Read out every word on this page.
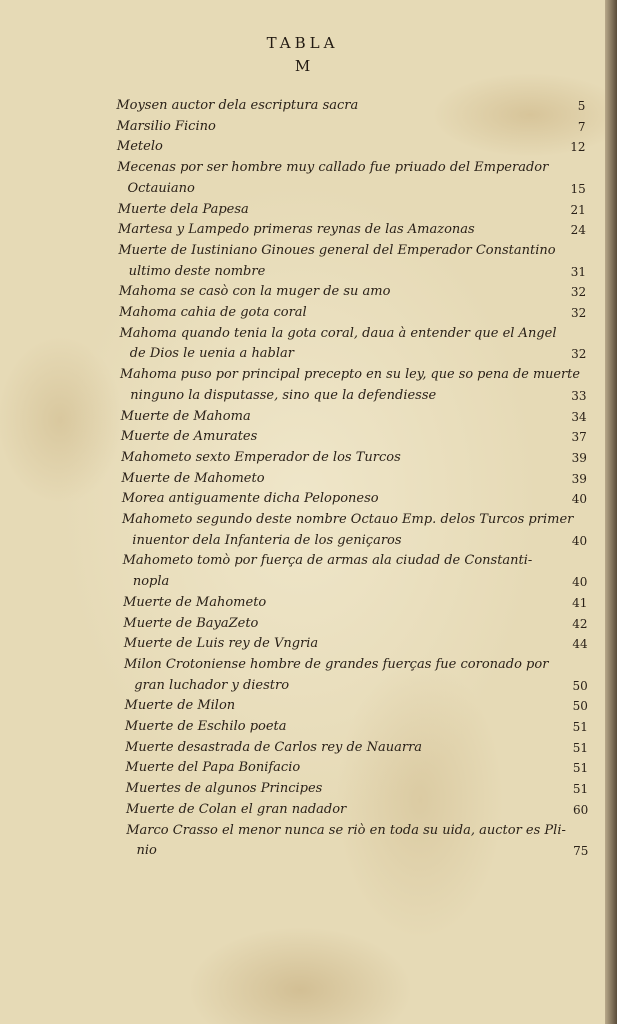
TABLA
M
Moysen auctor dela escriptura sacra	5
Marsilio Ficino	7
Metelo	12
Mecenas por ser hombre muy callado fue priuado del Emperador
Octauiano	15
Muerte dela Papesa	21
Martesa y Lampedo primeras reynas de las Amazonas	24
Muerte de Iustiniano Ginoues general del Emperador Constantino
ultimo deste nombre	31
Mahoma se casò con la muger de su amo	32
Mahoma cahia de gota coral	32
Mahoma quando tenia la gota coral, daua à entender que el Angel
de Dios le uenia a hablar	32
Mahoma puso por principal precepto en su ley, que so pena de muerte
ninguno la disputasse, sino que la defendiesse	33
Muerte de Mahoma	34
Muerte de Amurates	37
Mahometo sexto Emperador de los Turcos	39
Muerte de Mahometo	39
Morea antiguamente dicha Peloponeso	40
Mahometo segundo deste nombre Octauo Emp. delos Turcos primer
inuentor dela Infanteria de los geniçaros	40
Mahometo tomò por fuerça de armas ala ciudad de Constanti-
nopla	40
Muerte de Mahometo	41
Muerte de BayaZeto	42
Muerte de Luis rey de Vngria	44
Milon Crotoniense hombre de grandes fuerças fue coronado por
gran luchador y diestro	50
Muerte de Milon	50
Muerte de Eschilo poeta	51
Muerte desastrada de Carlos rey de Nauarra	51
Muerte del Papa Bonifacio	51
Muertes de algunos Principes	51
Muerte de Colan el gran nadador	60
Marco Crasso el menor nunca se riò en toda su uida, auctor es Pli-
nio	75
